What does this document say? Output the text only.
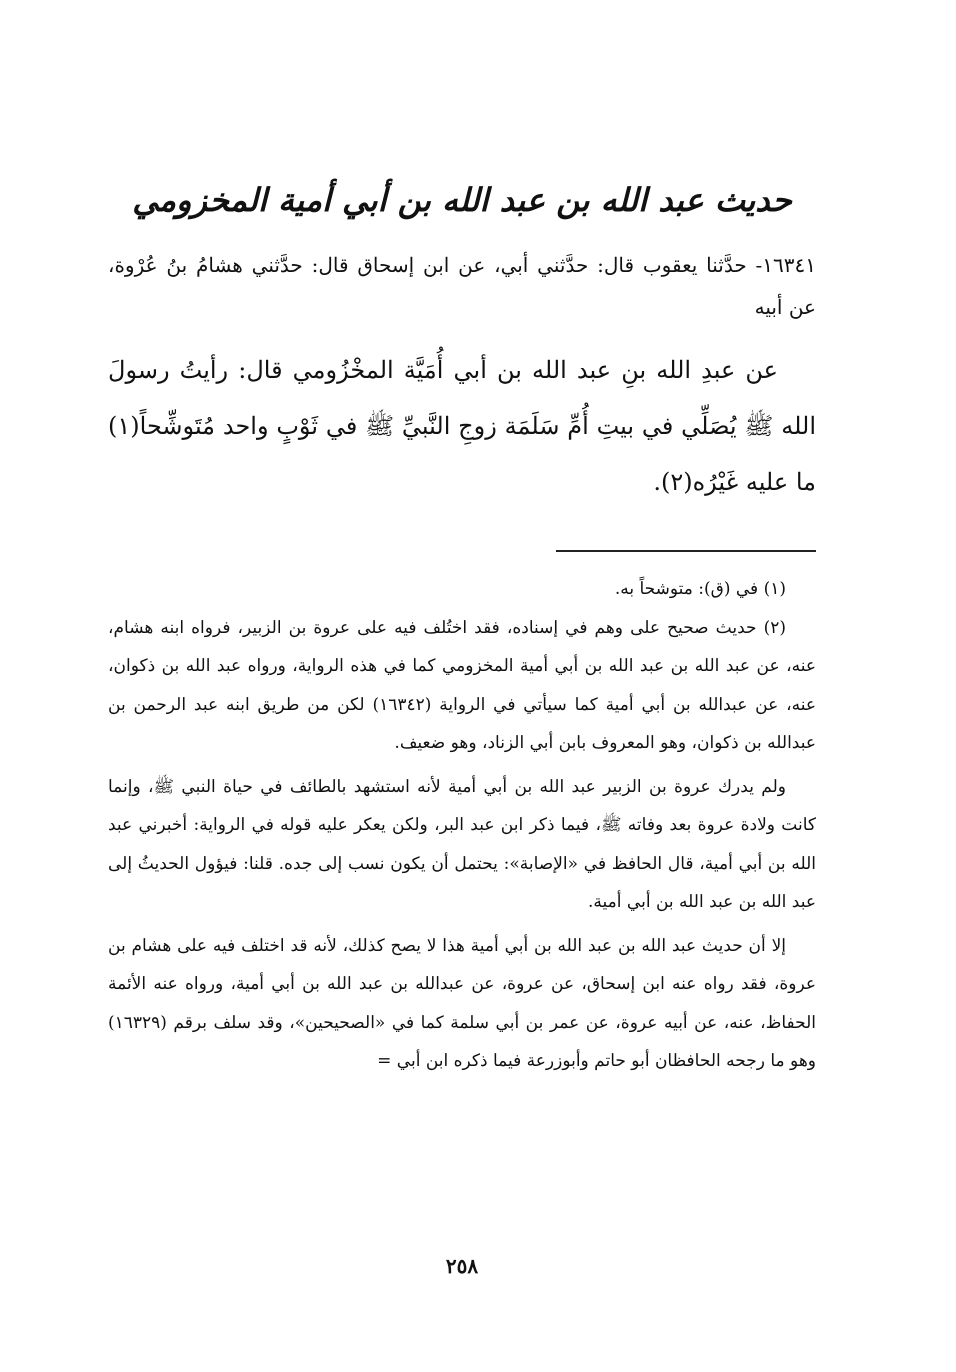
حديث عبد الله بن عبد الله بن أبي أمية المخزومي
١٦٣٤١- حدَّثنا يعقوب قال: حدَّثني أبي، عن ابن إسحاق قال: حدَّثني هشامُ بنُ عُرْوة، عن أبيه
عن عبدِ الله بنِ عبد الله بن أبي أُمَيَّة المخْزُومي قال: رأيتُ رسولَ الله ﷺ يُصَلِّي في بيتِ أُمِّ سَلَمَة زوجِ النَّبيِّ ﷺ في ثَوْبٍ واحد مُتَوشِّحاً(١) ما عليه غَيْرُه(٢).

(١) في (ق): متوشحاً به.

(٢) حديث صحيح على وهم في إسناده، فقد اختُلف فيه على عروة بن الزبير، فرواه ابنه هشام، عنه، عن عبد الله بن عبد الله بن أبي أمية المخزومي كما في هذه الرواية، ورواه عبد الله بن ذكوان، عنه، عن عبدالله بن أبي أمية كما سيأتي في الرواية (١٦٣٤٢) لكن من طريق ابنه عبد الرحمن بن عبدالله بن ذكوان، وهو المعروف بابن أبي الزناد، وهو ضعيف.

ولم يدرك عروة بن الزبير عبد الله بن أبي أمية لأنه استشهد بالطائف في حياة النبي ﷺ، وإنما كانت ولادة عروة بعد وفاته ﷺ، فيما ذكر ابن عبد البر، ولكن يعكر عليه قوله في الرواية: أخبرني عبد الله بن أبي أمية، قال الحافظ في «الإصابة»: يحتمل أن يكون نسب إلى جده. قلنا: فيؤول الحديثُ إلى عبد الله بن عبد الله بن أبي أمية.

إلا أن حديث عبد الله بن عبد الله بن أبي أمية هذا لا يصح كذلك، لأنه قد اختلف فيه على هشام بن عروة، فقد رواه عنه ابن إسحاق، عن عروة، عن عبدالله بن عبد الله بن أبي أمية، ورواه عنه الأئمة الحفاظ، عنه، عن أبيه عروة، عن عمر بن أبي سلمة كما في «الصحيحين»، وقد سلف برقم (١٦٣٢٩) وهو ما رجحه الحافظان أبو حاتم وأبوزرعة فيما ذكره ابن أبي =

٢٥٨
